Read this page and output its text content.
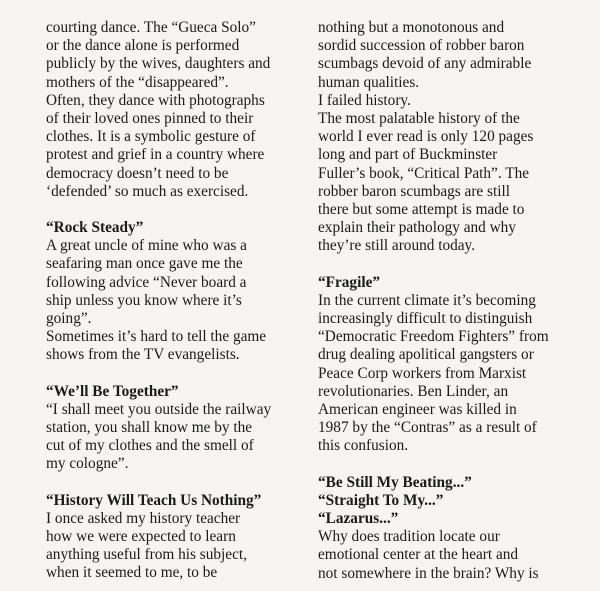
courting dance. The “Gueca Solo”

or the dance alone is performed

publicly by the wives, daughters and

mothers of the “disappeared”.

Often, they dance with photographs

of their loved ones pinned to their

clothes. It is a symbolic gesture of

protest and grief in a country where

democracy doesn’t need to be

‘defended’ so much as exercised.

“Rock Steady”

A great uncle of mine who was a

seafaring man once gave me the

following advice “Never board a

ship unless you know where it’s

going”.

Sometimes it’s hard to tell the game

shows from the TV evangelists.

“We’ll Be Together”

“I shall meet you outside the railway

station, you shall know me by the

cut of my clothes and the smell of

my cologne”.

“History Will Teach Us Nothing”

I once asked my history teacher

how we were expected to learn

anything useful from his subject,

when it seemed to me, to be

nothing but a monotonous and

sordid succession of robber baron

scumbags devoid of any admirable

human qualities.

I failed history.

The most palatable history of the

world I ever read is only 120 pages

long and part of Buckminster

Fuller’s book, “Critical Path”. The

robber baron scumbags are still

there but some attempt is made to

explain their pathology and why

they’re still around today.

“Fragile”

In the current climate it’s becoming

increasingly difficult to distinguish

“Democratic Freedom Fighters” from

drug dealing apolitical gangsters or

Peace Corp workers from Marxist

revolutionaries. Ben Linder, an

American engineer was killed in

1987 by the “Contras” as a result of

this confusion.

“Be Still My Beating...”

“Straight To My...”

“Lazarus...”

Why does tradition locate our

emotional center at the heart and

not somewhere in the brain? Why is
